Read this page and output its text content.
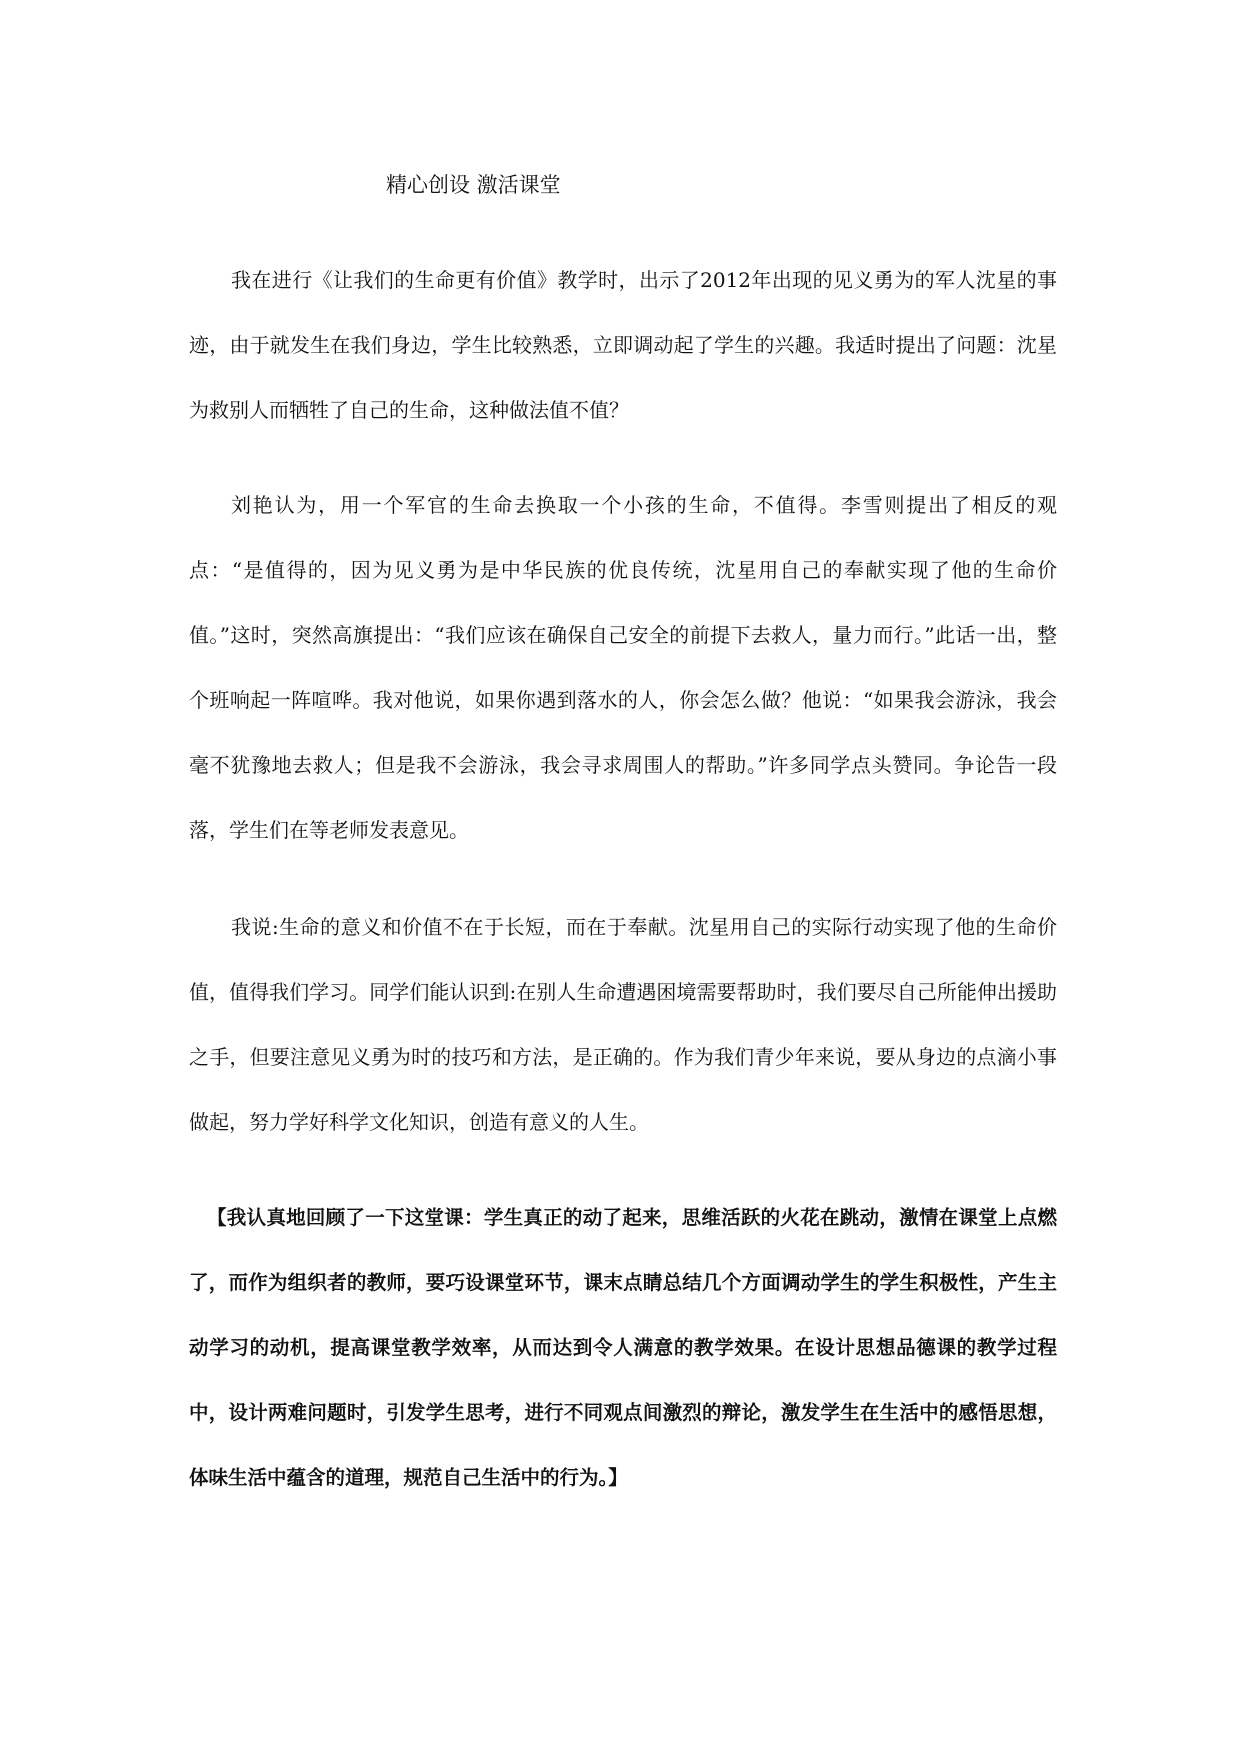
精心创设 激活课堂

我在进行《让我们的生命更有价值》教学时，出示了2012年出现的见义勇为的军人沈星的事迹，由于就发生在我们身边，学生比较熟悉，立即调动起了学生的兴趣。我适时提出了问题：沈星为救别人而牺牲了自己的生命，这种做法值不值？

刘艳认为，用一个军官的生命去换取一个小孩的生命，不值得。李雪则提出了相反的观点：“是值得的，因为见义勇为是中华民族的优良传统，沈星用自己的奉献实现了他的生命价值。”这时，突然高旗提出：“我们应该在确保自己安全的前提下去救人，量力而行。”此话一出，整个班响起一阵喧哗。我对他说，如果你遇到落水的人，你会怎么做？他说：“如果我会游泳，我会毫不犹豫地去救人；但是我不会游泳，我会寻求周围人的帮助。”许多同学点头赞同。争论告一段落，学生们在等老师发表意见。

我说:生命的意义和价值不在于长短，而在于奉献。沈星用自己的实际行动实现了他的生命价值，值得我们学习。同学们能认识到:在别人生命遭遇困境需要帮助时，我们要尽自己所能伸出援助之手，但要注意见义勇为时的技巧和方法，是正确的。作为我们青少年来说，要从身边的点滴小事做起，努力学好科学文化知识，创造有意义的人生。

【我认真地回顾了一下这堂课：学生真正的动了起来，思维活跃的火花在跳动，激情在课堂上点燃了，而作为组织者的教师，要巧设课堂环节，课末点睛总结几个方面调动学生的学生积极性，产生主动学习的动机，提高课堂教学效率，从而达到令人满意的教学效果。在设计思想品德课的教学过程中，设计两难问题时，引发学生思考，进行不同观点间激烈的辩论，激发学生在生活中的感悟思想，体味生活中蕴含的道理，规范自己生活中的行为。】
